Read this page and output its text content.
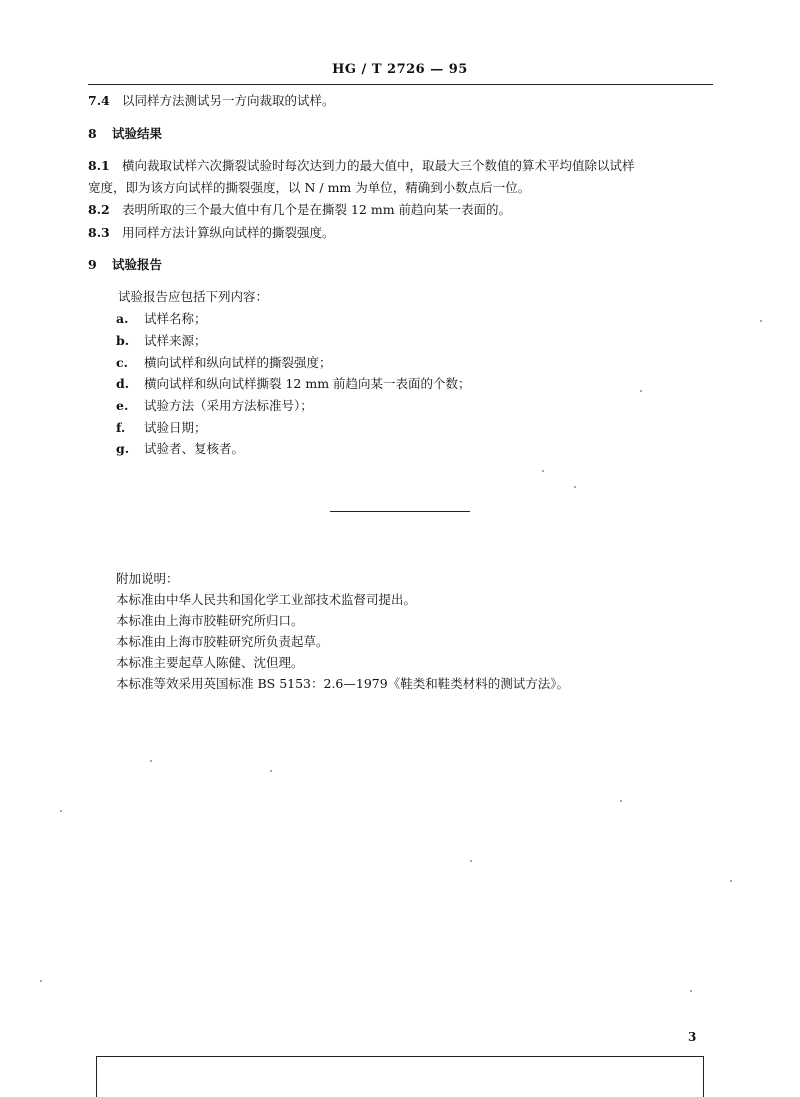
HG / T 2726 — 95
7.4 以同样方法测试另一方向裁取的试样。
8 试验结果
8.1 横向裁取试样六次撕裂试验时每次达到力的最大值中，取最大三个数值的算术平均值除以试样
宽度，即为该方向试样的撕裂强度，以 N / mm 为单位，精确到小数点后一位。
8.2 表明所取的三个最大值中有几个是在撕裂 12 mm 前趋向某一表面的。
8.3 用同样方法计算纵向试样的撕裂强度。
9 试验报告
试验报告应包括下列内容：
a. 试样名称；
b. 试样来源；
c. 横向试样和纵向试样的撕裂强度；
d. 横向试样和纵向试样撕裂 12 mm 前趋向某一表面的个数；
e. 试验方法（采用方法标准号）；
f. 试验日期；
g. 试验者、复核者。
附加说明：
本标准由中华人民共和国化学工业部技术监督司提出。
本标准由上海市胶鞋研究所归口。
本标准由上海市胶鞋研究所负责起草。
本标准主要起草人陈健、沈但理。
本标准等效采用英国标准 BS 5153：2.6—1979《鞋类和鞋类材料的测试方法》。
3
